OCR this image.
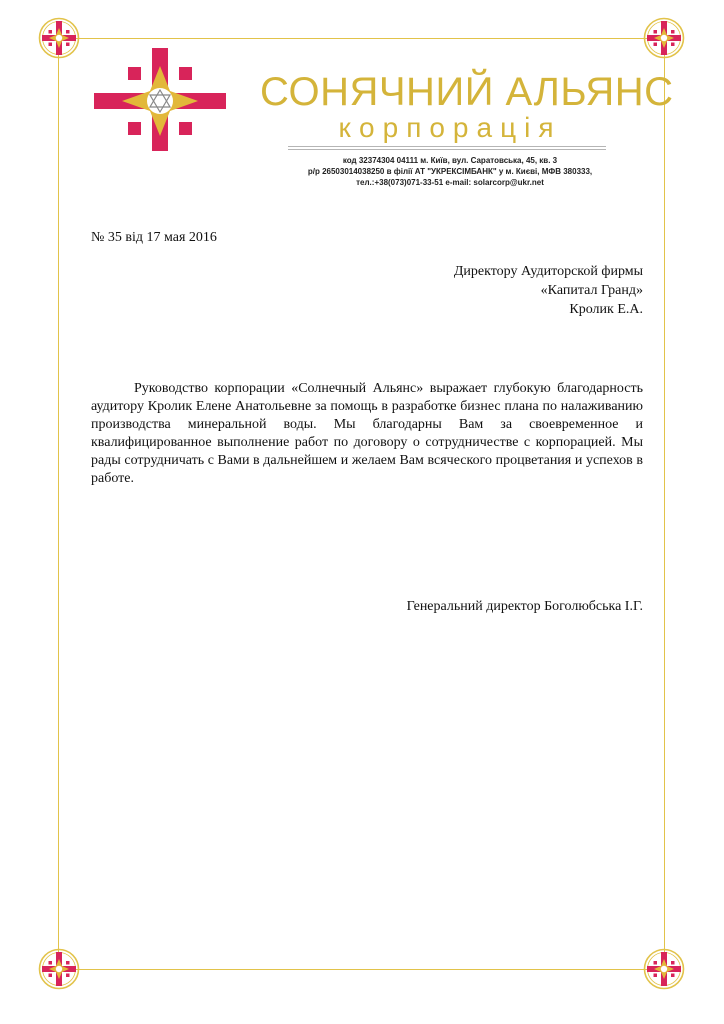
СОНЯЧНИЙ АЛЬЯНС
корпорація
код 32374304 04111 м. Київ, вул. Саратовська, 45, кв. 3
р/р 26503014038250 в філії АТ "УКРЕКСІМБАНК" у м. Києві, МФВ 380333,
тел.:+38(073)071-33-51 e-mail: solarcorp@ukr.net
№ 35 від 17 мая 2016
Директору Аудиторской фирмы
«Капитал Гранд»
Кролик Е.А.

Руководство корпорации «Солнечный Альянс» выражает глубокую благодарность аудитору Кролик Елене Анатольевне за помощь в разработке бизнес плана по налаживанию производства минеральной воды. Мы благодарны Вам за своевременное и квалифицированное выполнение работ по договору о сотрудничестве с корпорацией. Мы рады сотрудничать с Вами в дальнейшем и желаем Вам всяческого процветания и успехов в работе.

Генеральний директор Боголюбська І.Г.
